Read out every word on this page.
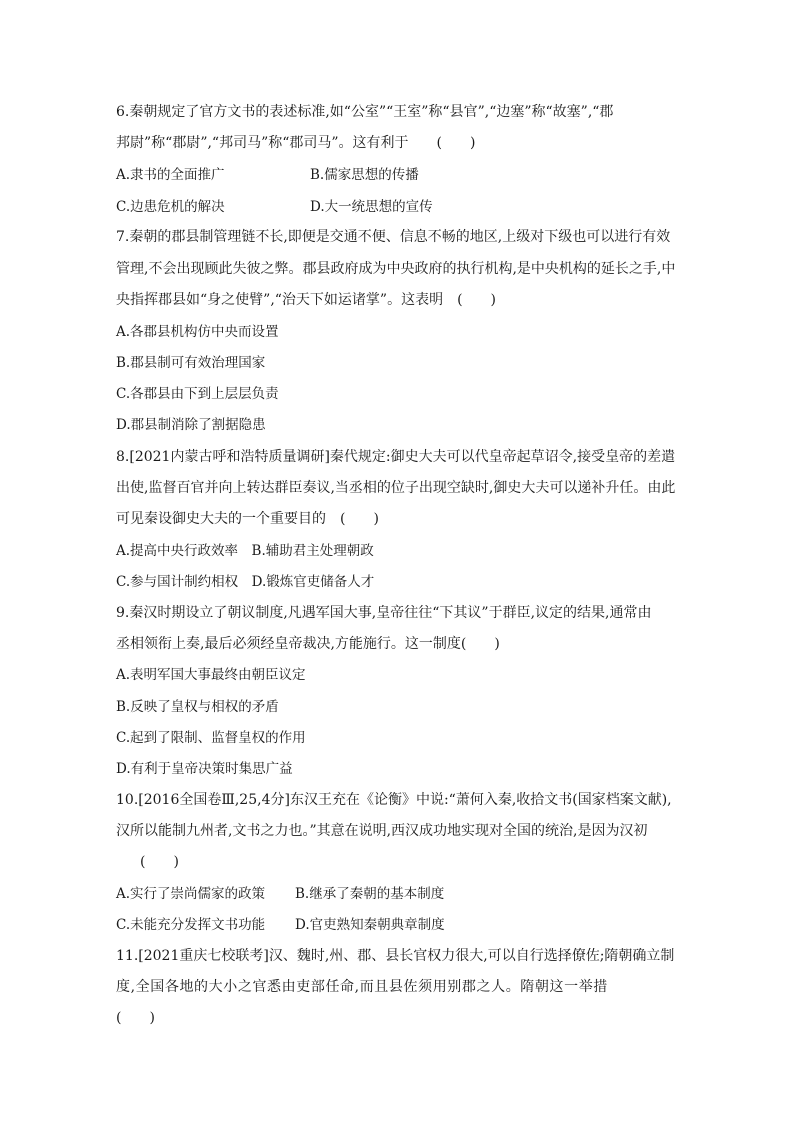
6.秦朝规定了官方文书的表述标准,如“公室”“王室”称“县官”,“边塞”称“故塞”,“郡
邦尉”称“郡尉”,“邦司马”称“郡司马”。这有利于　　(　　)
A.隶书的全面推广	B.儒家思想的传播
C.边患危机的解决	D.大一统思想的宣传
7.秦朝的郡县制管理链不长,即便是交通不便、信息不畅的地区,上级对下级也可以进行有效
管理,不会出现顾此失彼之弊。郡县政府成为中央政府的执行机构,是中央机构的延长之手,中
央指挥郡县如“身之使臂”,“治天下如运诸掌”。这表明　(　　)
A.各郡县机构仿中央而设置
B.郡县制可有效治理国家
C.各郡县由下到上层层负责
D.郡县制消除了割据隐患
8.[2021内蒙古呼和浩特质量调研]秦代规定:御史大夫可以代皇帝起草诏令,接受皇帝的差遣
出使,监督百官并向上转达群臣奏议,当丞相的位子出现空缺时,御史大夫可以递补升任。由此
可见秦设御史大夫的一个重要目的　(　　)
A.提高中央行政效率　B.辅助君主处理朝政
C.参与国计制约相权　D.锻炼官吏储备人才
9.秦汉时期设立了朝议制度,凡遇军国大事,皇帝往往“下其议”于群臣,议定的结果,通常由
丞相领衔上奏,最后必须经皇帝裁决,方能施行。这一制度(　　)
A.表明军国大事最终由朝臣议定
B.反映了皇权与相权的矛盾
C.起到了限制、监督皇权的作用
D.有利于皇帝决策时集思广益
10.[2016全国卷Ⅲ,25,4分]东汉王充在《论衡》中说:“萧何入秦,收拾文书(国家档案文献),
汉所以能制九州者,文书之力也。”其意在说明,西汉成功地实现对全国的统治,是因为汉初
(　　)
A.实行了崇尚儒家的政策 B.继承了秦朝的基本制度
C.未能充分发挥文书功能 D.官吏熟知秦朝典章制度
11.[2021重庆七校联考]汉、魏时,州、郡、县长官权力很大,可以自行选择僚佐;隋朝确立制
度,全国各地的大小之官悉由吏部任命,而且县佐须用别郡之人。隋朝这一举措
(　　)
